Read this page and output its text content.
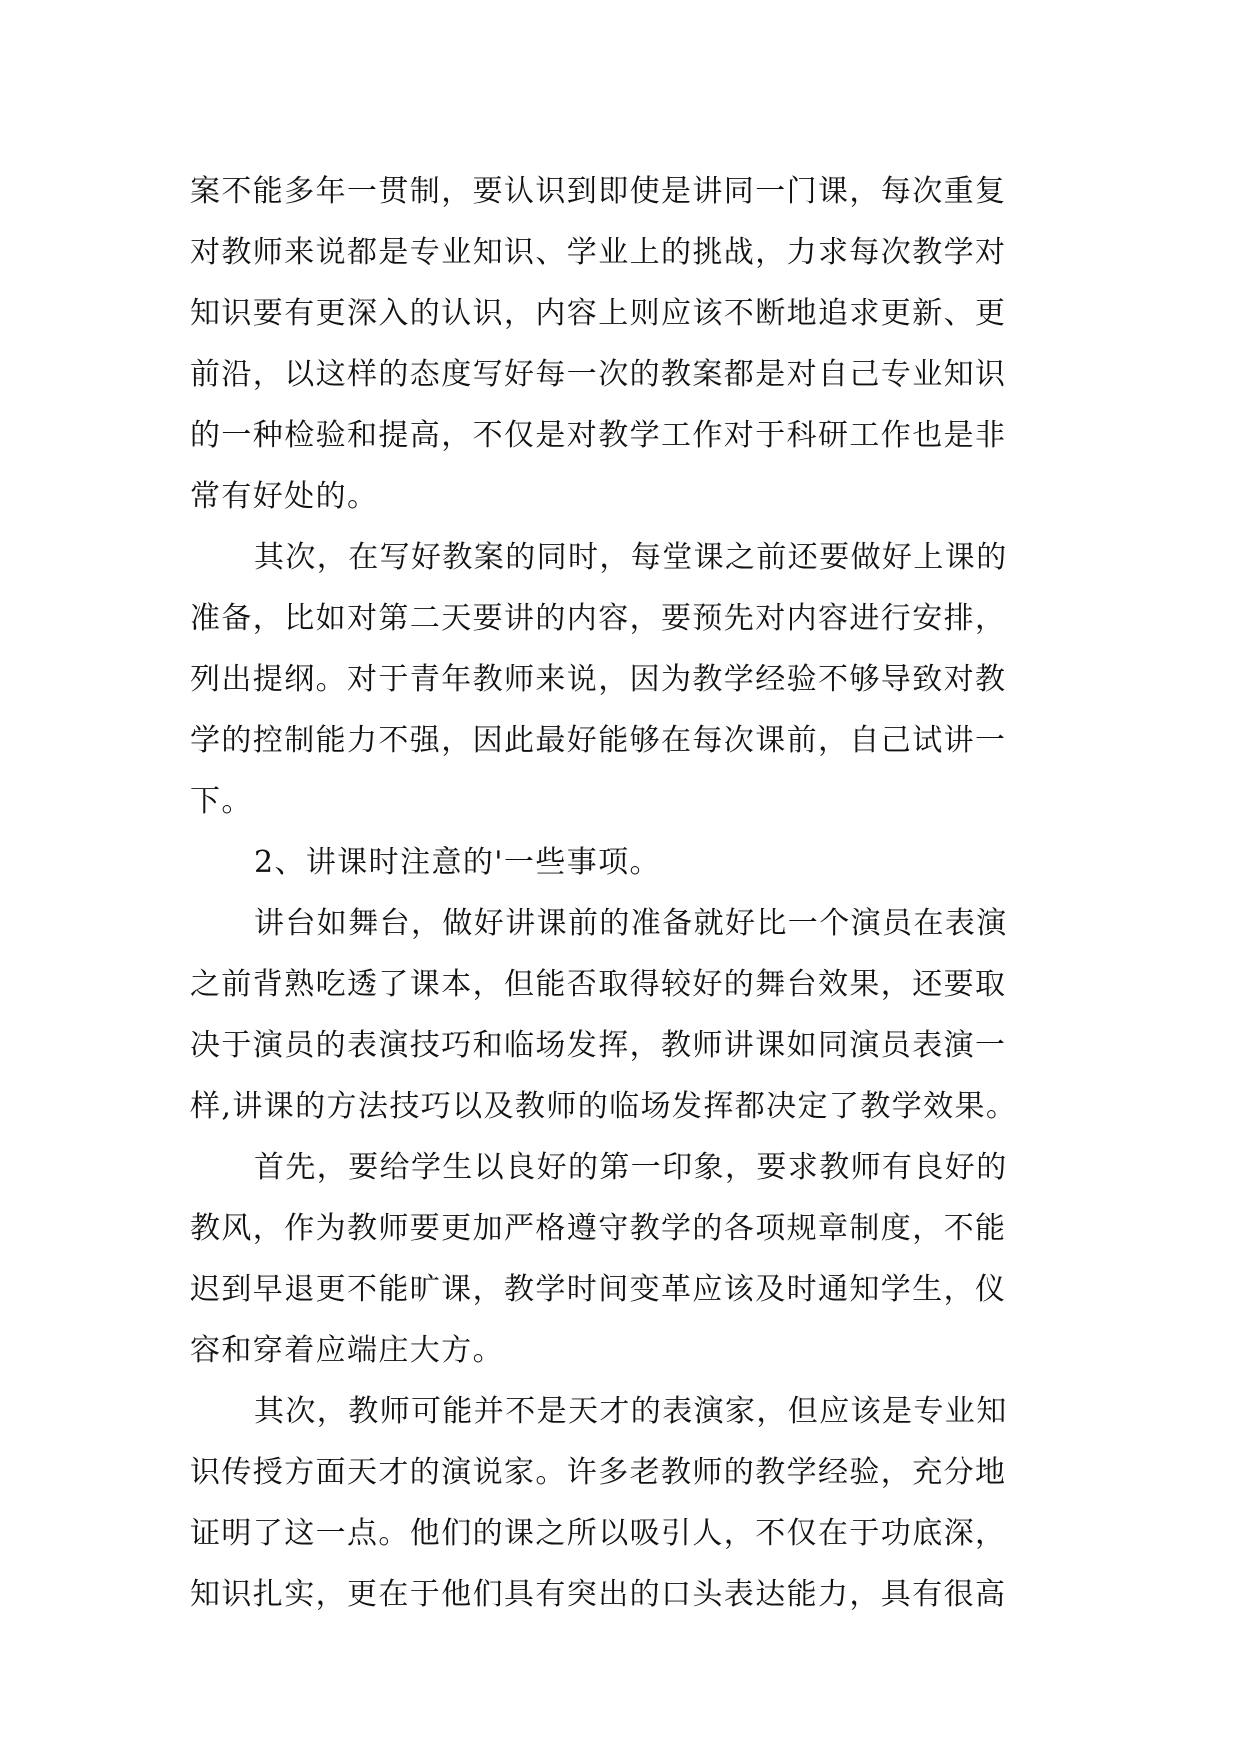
案不能多年一贯制，要认识到即使是讲同一门课，每次重复
对教师来说都是专业知识、学业上的挑战，力求每次教学对
知识要有更深入的认识，内容上则应该不断地追求更新、更
前沿，以这样的态度写好每一次的教案都是对自己专业知识
的一种检验和提高，不仅是对教学工作对于科研工作也是非
常有好处的。
其次，在写好教案的同时，每堂课之前还要做好上课的
准备，比如对第二天要讲的内容，要预先对内容进行安排，
列出提纲。对于青年教师来说，因为教学经验不够导致对教
学的控制能力不强，因此最好能够在每次课前，自己试讲一
下。
2、讲课时注意的'一些事项。
讲台如舞台，做好讲课前的准备就好比一个演员在表演
之前背熟吃透了课本，但能否取得较好的舞台效果，还要取
决于演员的表演技巧和临场发挥，教师讲课如同演员表演一
样,讲课的方法技巧以及教师的临场发挥都决定了教学效果。
首先，要给学生以良好的第一印象，要求教师有良好的
教风，作为教师要更加严格遵守教学的各项规章制度，不能
迟到早退更不能旷课，教学时间变革应该及时通知学生，仪
容和穿着应端庄大方。
其次，教师可能并不是天才的表演家，但应该是专业知
识传授方面天才的演说家。许多老教师的教学经验，充分地
证明了这一点。他们的课之所以吸引人，不仅在于功底深，
知识扎实，更在于他们具有突出的口头表达能力，具有很高
